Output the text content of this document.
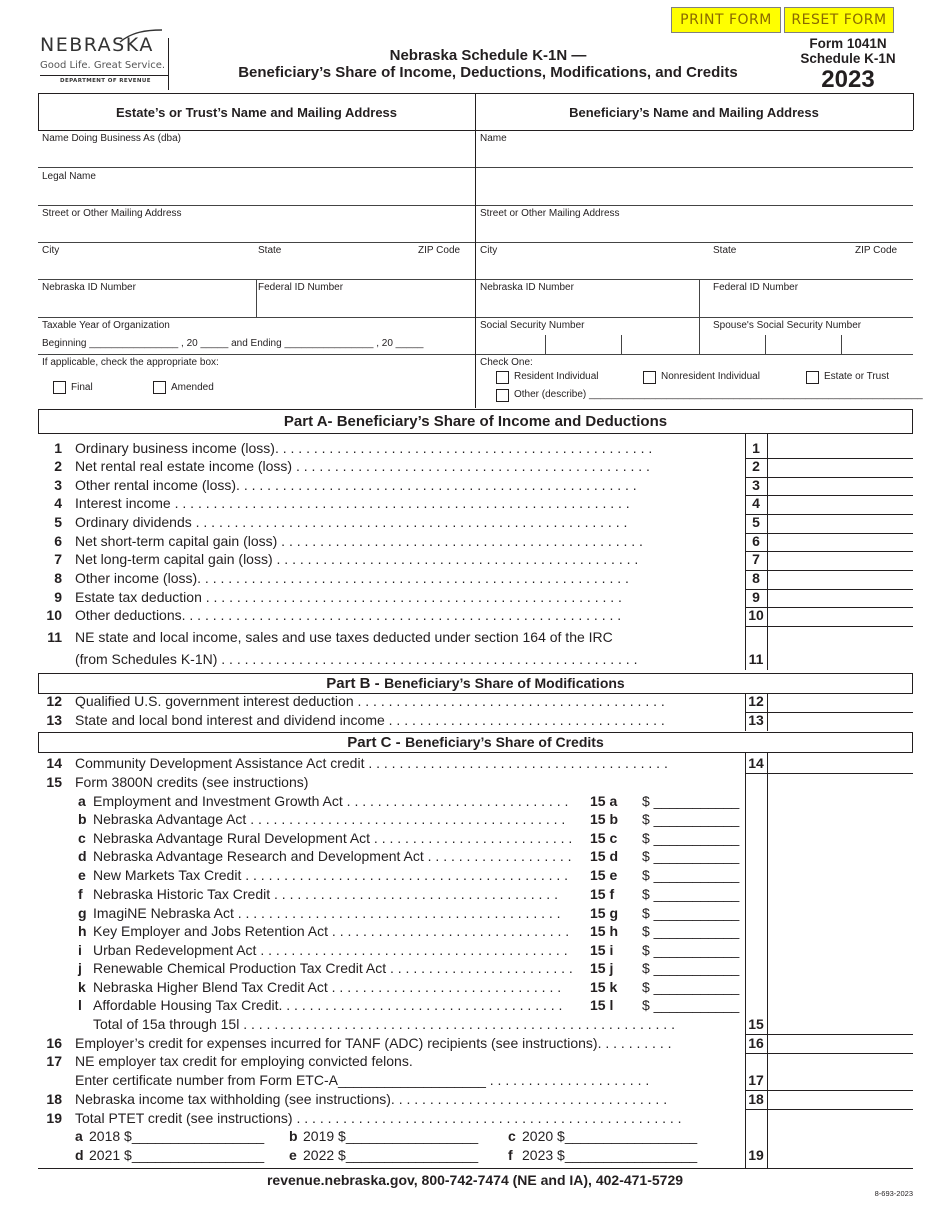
PRINT FORM	RESET FORM
NEBRASKA
Good Life. Great Service.
DEPARTMENT OF REVENUE
Nebraska Schedule K-1N —
Beneficiary’s Share of Income, Deductions, Modifications, and Credits
Form 1041N
Schedule K-1N
2023
Estate’s or Trust’s Name and Mailing Address	Beneficiary’s Name and Mailing Address
Name Doing Business As (dba)
Legal Name
Street or Other Mailing Address
City	State	ZIP Code
Nebraska ID Number	Federal ID Number
Taxable Year of Organization
Beginning ________________ , 20 _____ and Ending ________________ , 20 _____
If applicable, check the appropriate box:
Final	Amended
Name
Street or Other Mailing Address
City	State	ZIP Code
Nebraska ID Number	Federal ID Number
Social Security Number	Spouse's Social Security Number
Check One:
Resident Individual	Nonresident Individual	Estate or Trust
Other (describe) ____________________________________________________________
Part A- Beneficiary’s Share of Income and Deductions
1 Ordinary business income (loss). . . . . . . . . . . . . . . . . . . . . . . . . . . . . . . . . . . . . . . . . . . . . . . . .	1
2 Net rental real estate income (loss) . . . . . . . . . . . . . . . . . . . . . . . . . . . . . . . . . . . . . . . . . . . . . .	2
3 Other rental income (loss). . . . . . . . . . . . . . . . . . . . . . . . . . . . . . . . . . . . . . . . . . . . . . . . . . . .	3
4 Interest income . . . . . . . . . . . . . . . . . . . . . . . . . . . . . . . . . . . . . . . . . . . . . . . . . . . . . . . . . . .	4
5 Ordinary dividends . . . . . . . . . . . . . . . . . . . . . . . . . . . . . . . . . . . . . . . . . . . . . . . . . . . . . . . .	5
6 Net short-term capital gain (loss) . . . . . . . . . . . . . . . . . . . . . . . . . . . . . . . . . . . . . . . . . . . . . . .	6
7 Net long-term capital gain (loss) . . . . . . . . . . . . . . . . . . . . . . . . . . . . . . . . . . . . . . . . . . . . . . .	7
8 Other income (loss). . . . . . . . . . . . . . . . . . . . . . . . . . . . . . . . . . . . . . . . . . . . . . . . . . . . . . . .	8
9 Estate tax deduction . . . . . . . . . . . . . . . . . . . . . . . . . . . . . . . . . . . . . . . . . . . . . . . . . . . . . .	9
10 Other deductions. . . . . . . . . . . . . . . . . . . . . . . . . . . . . . . . . . . . . . . . . . . . . . . . . . . . . . . . .	10
11 NE state and local income, sales and use taxes deducted under section 164 of the IRC
(from Schedules K-1N) . . . . . . . . . . . . . . . . . . . . . . . . . . . . . . . . . . . . . . . . . . . . . . . . . . . . . .	11
Part B - Beneficiary’s Share of Modifications
12 Qualified U.S. government interest deduction . . . . . . . . . . . . . . . . . . . . . . . . . . . . . . . . . . . . . . . .	12
13 State and local bond interest and dividend income . . . . . . . . . . . . . . . . . . . . . . . . . . . . . . . . . . . .	13
Part C - Beneficiary’s Share of Credits
14 Community Development Assistance Act credit . . . . . . . . . . . . . . . . . . . . . . . . . . . . . . . . . . . . . . .	14
15 Form 3800N credits (see instructions)
a Employment and Investment Growth Act . . . . . . . . . . . . . . . . . . . . . . . . . . . . .	15 a	$ ___________
b Nebraska Advantage Act . . . . . . . . . . . . . . . . . . . . . . . . . . . . . . . . . . . . . . . . .	15 b	$ ___________
c Nebraska Advantage Rural Development Act . . . . . . . . . . . . . . . . . . . . . . . . . .	15 c	$ ___________
d Nebraska Advantage Research and Development Act . . . . . . . . . . . . . . . . . . .	15 d	$ ___________
e New Markets Tax Credit . . . . . . . . . . . . . . . . . . . . . . . . . . . . . . . . . . . . . . . . . .	15 e	$ ___________
f Nebraska Historic Tax Credit . . . . . . . . . . . . . . . . . . . . . . . . . . . . . . . . . . . . .	15 f	$ ___________
g ImagiNE Nebraska Act . . . . . . . . . . . . . . . . . . . . . . . . . . . . . . . . . . . . . . . . . .	15 g	$ ___________
h Key Employer and Jobs Retention Act . . . . . . . . . . . . . . . . . . . . . . . . . . . . . . .	15 h	$ ___________
i Urban Redevelopment Act . . . . . . . . . . . . . . . . . . . . . . . . . . . . . . . . . . . . . . . .	15 i	$ ___________
j Renewable Chemical Production Tax Credit Act . . . . . . . . . . . . . . . . . . . . . . . .	15 j	$ ___________
k Nebraska Higher Blend Tax Credit Act . . . . . . . . . . . . . . . . . . . . . . . . . . . . . .	15 k	$ ___________
l Affordable Housing Tax Credit. . . . . . . . . . . . . . . . . . . . . . . . . . . . . . . . . . . . .	15 l	$ ___________
Total of 15a through 15l . . . . . . . . . . . . . . . . . . . . . . . . . . . . . . . . . . . . . . . . . . . . . . . . . . . . . . . .	15
16 Employer’s credit for expenses incurred for TANF (ADC) recipients (see instructions). . . . . . . . . .	16
17 NE employer tax credit for employing convicted felons.
Enter certificate number from Form ETC-A___________________ . . . . . . . . . . . . . . . . . . . . .	17
18 Nebraska income tax withholding (see instructions). . . . . . . . . . . . . . . . . . . . . . . . . . . . . . . . . . . .	18
19 Total PTET credit (see instructions) . . . . . . . . . . . . . . . . . . . . . . . . . . . . . . . . . . . . . . . . . . . . . . . . . .
19
a 2018 $_________________ b 2019 $_________________ c 2020 $_________________
d 2021 $_________________ e 2022 $_________________ f 2023 $_________________
revenue.nebraska.gov, 800-742-7474 (NE and IA), 402-471-5729
8-693-2023
